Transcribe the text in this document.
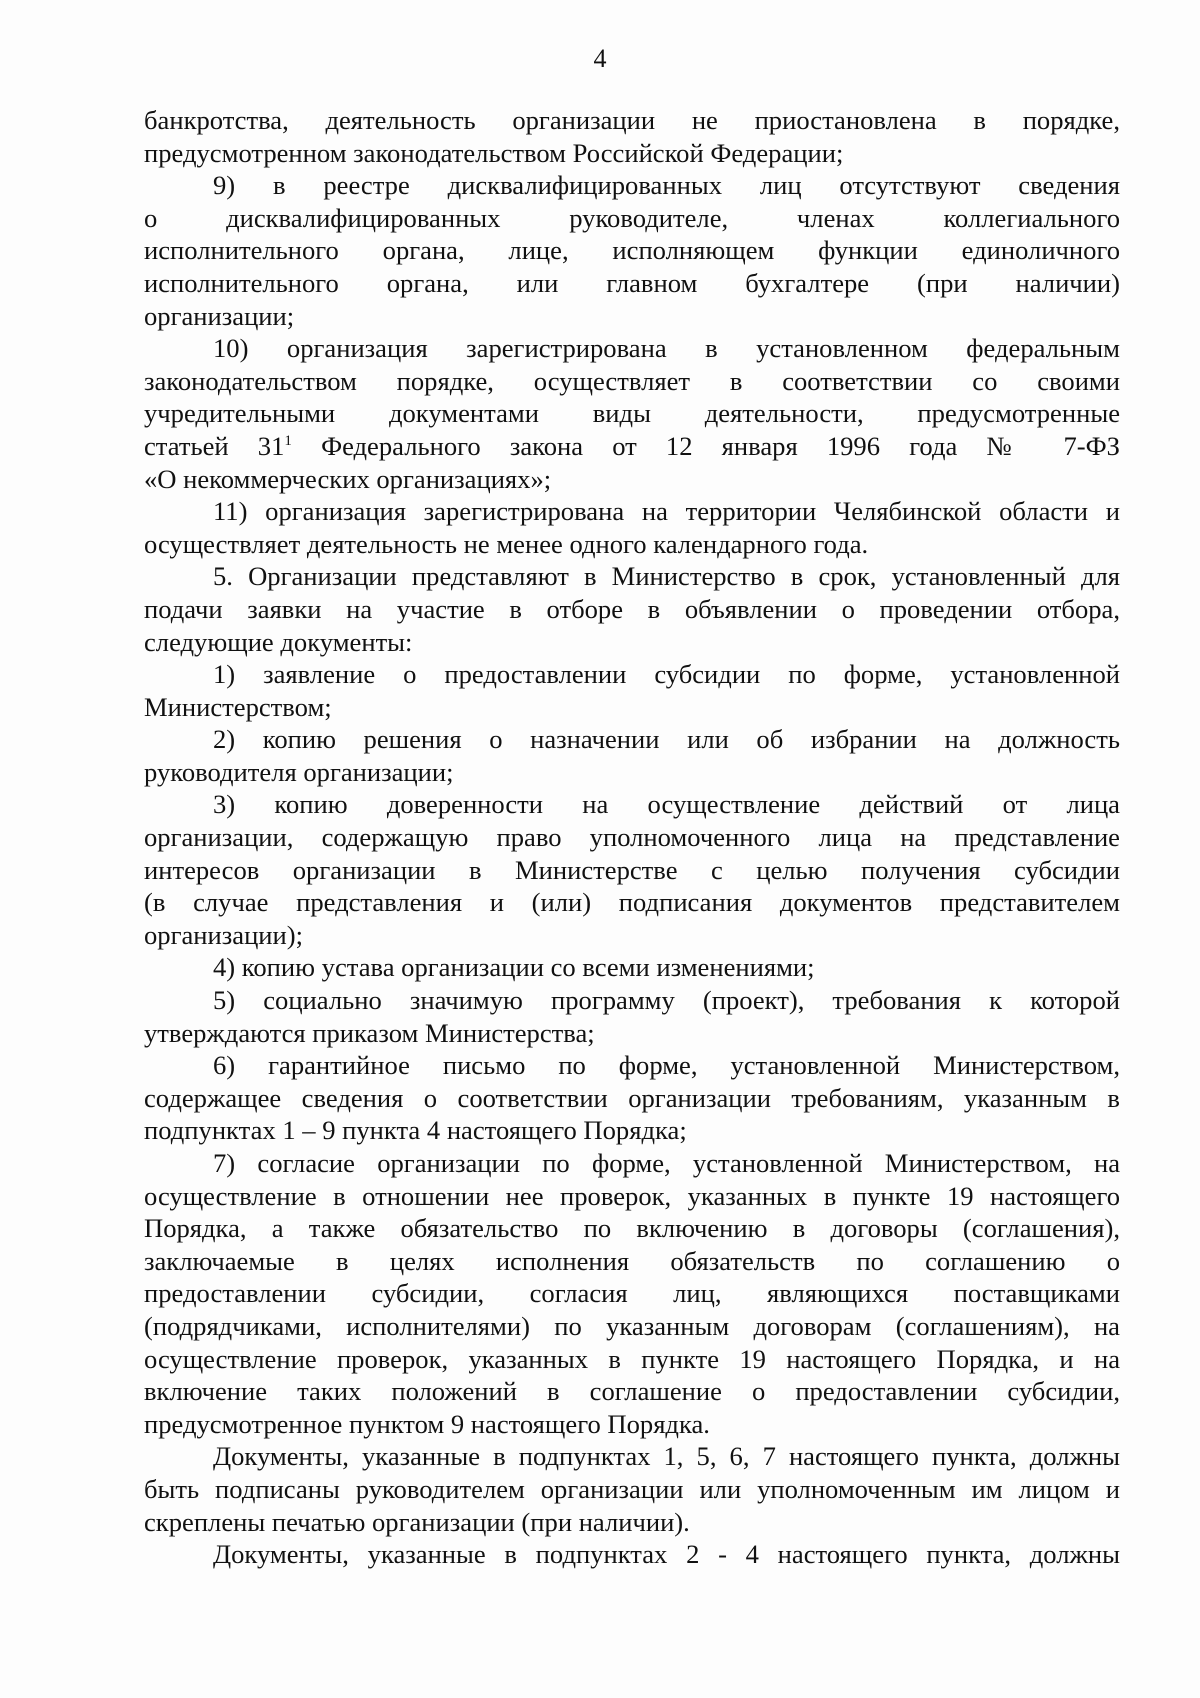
4

банкротства, деятельность организации не приостановлена в порядке,

предусмотренном законодательством Российской Федерации;

9) в реестре дисквалифицированных лиц отсутствуют сведения

о дисквалифицированных руководителе, членах коллегиального

исполнительного органа, лице, исполняющем функции единоличного

исполнительного органа, или главном бухгалтере (при наличии)

организации;

10) организация зарегистрирована в установленном федеральным

законодательством порядке, осуществляет в соответствии со своими

учредительными документами виды деятельности, предусмотренные

статьей $31^1$ Федерального закона от 12 января 1996 года № 7-ФЗ

«О некоммерческих организациях»;

11) организация зарегистрирована на территории Челябинской области и

осуществляет деятельность не менее одного календарного года.

5. Организации представляют в Министерство в срок, установленный для

подачи заявки на участие в отборе в объявлении о проведении отбора,

следующие документы:

1) заявление о предоставлении субсидии по форме, установленной

Министерством;

2) копию решения о назначении или об избрании на должность

руководителя организации;

3) копию доверенности на осуществление действий от лица

организации, содержащую право уполномоченного лица на представление

интересов организации в Министерстве с целью получения субсидии

(в случае представления и (или) подписания документов представителем

организации);

4) копию устава организации со всеми изменениями;

5) социально значимую программу (проект), требования к которой

утверждаются приказом Министерства;

6) гарантийное письмо по форме, установленной Министерством,

содержащее сведения о соответствии организации требованиям, указанным в

подпунктах 1 – 9 пункта 4 настоящего Порядка;

7) согласие организации по форме, установленной Министерством, на

осуществление в отношении нее проверок, указанных в пункте 19 настоящего

Порядка, а также обязательство по включению в договоры (соглашения),

заключаемые в целях исполнения обязательств по соглашению о

предоставлении субсидии, согласия лиц, являющихся поставщиками

(подрядчиками, исполнителями) по указанным договорам (соглашениям), на

осуществление проверок, указанных в пункте 19 настоящего Порядка, и на

включение таких положений в соглашение о предоставлении субсидии,

предусмотренное пунктом 9 настоящего Порядка.

Документы, указанные в подпунктах 1, 5, 6, 7 настоящего пункта, должны

быть подписаны руководителем организации или уполномоченным им лицом и

скреплены печатью организации (при наличии).

Документы, указанные в подпунктах 2 - 4 настоящего пункта, должны
